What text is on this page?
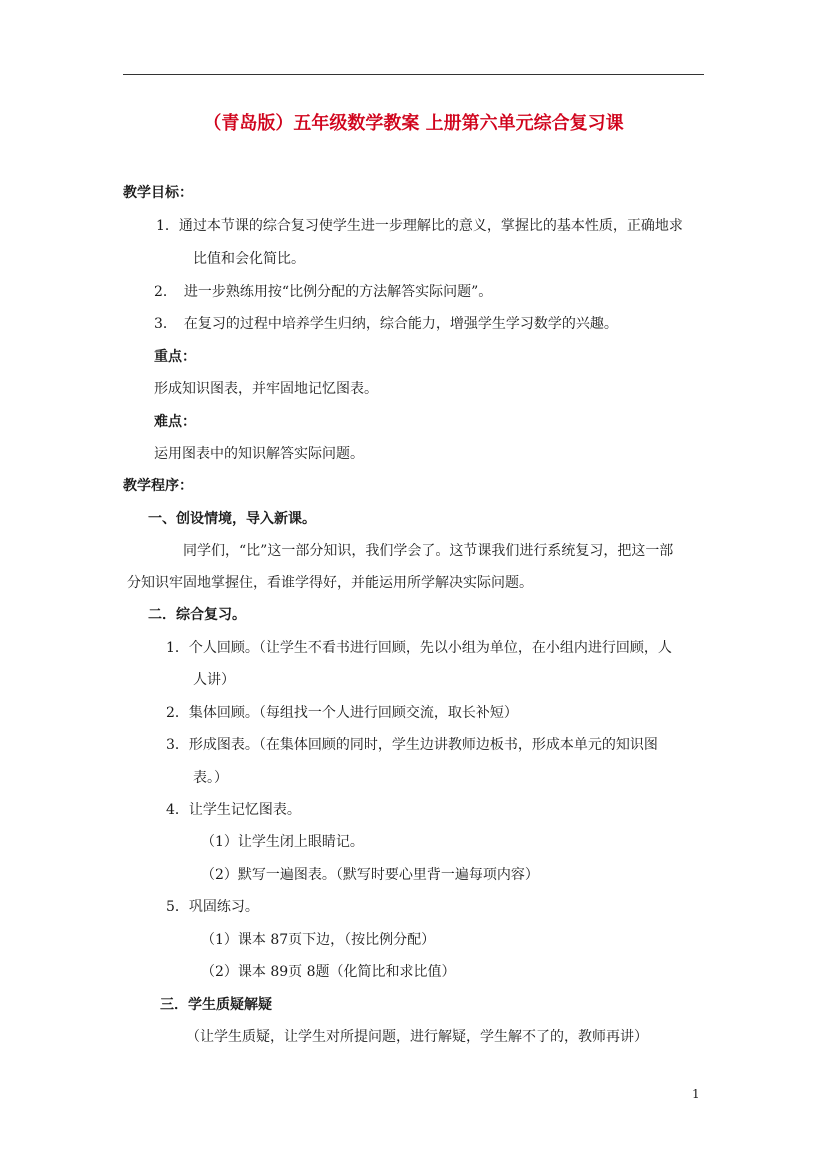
（青岛版）五年级数学教案 上册第六单元综合复习课
教学目标：
1．通过本节课的综合复习使学生进一步理解比的意义，掌握比的基本性质，正确地求
比值和会化简比。
2．　进一步熟练用按“比例分配的方法解答实际问题”。
3．　在复习的过程中培养学生归纳，综合能力，增强学生学习数学的兴趣。
重点：
形成知识图表，并牢固地记忆图表。
难点：
运用图表中的知识解答实际问题。
教学程序：
一、创设情境，导入新课。
同学们，“比”这一部分知识，我们学会了。这节课我们进行系统复习，把这一部
分知识牢固地掌握住，看谁学得好，并能运用所学解决实际问题。
二．综合复习。
1．个人回顾。（让学生不看书进行回顾，先以小组为单位，在小组内进行回顾，人
人讲）
2．集体回顾。（每组找一个人进行回顾交流，取长补短）
3．形成图表。（在集体回顾的同时，学生边讲教师边板书，形成本单元的知识图
表。）
4．让学生记忆图表。
（1）让学生闭上眼睛记。
（2）默写一遍图表。（默写时要心里背一遍每项内容）
5．巩固练习。
（1）课本 87页下边，（按比例分配）
（2）课本 89页 8题（化简比和求比值）
三．学生质疑解疑
（让学生质疑，让学生对所提问题，进行解疑，学生解不了的，教师再讲）
1
